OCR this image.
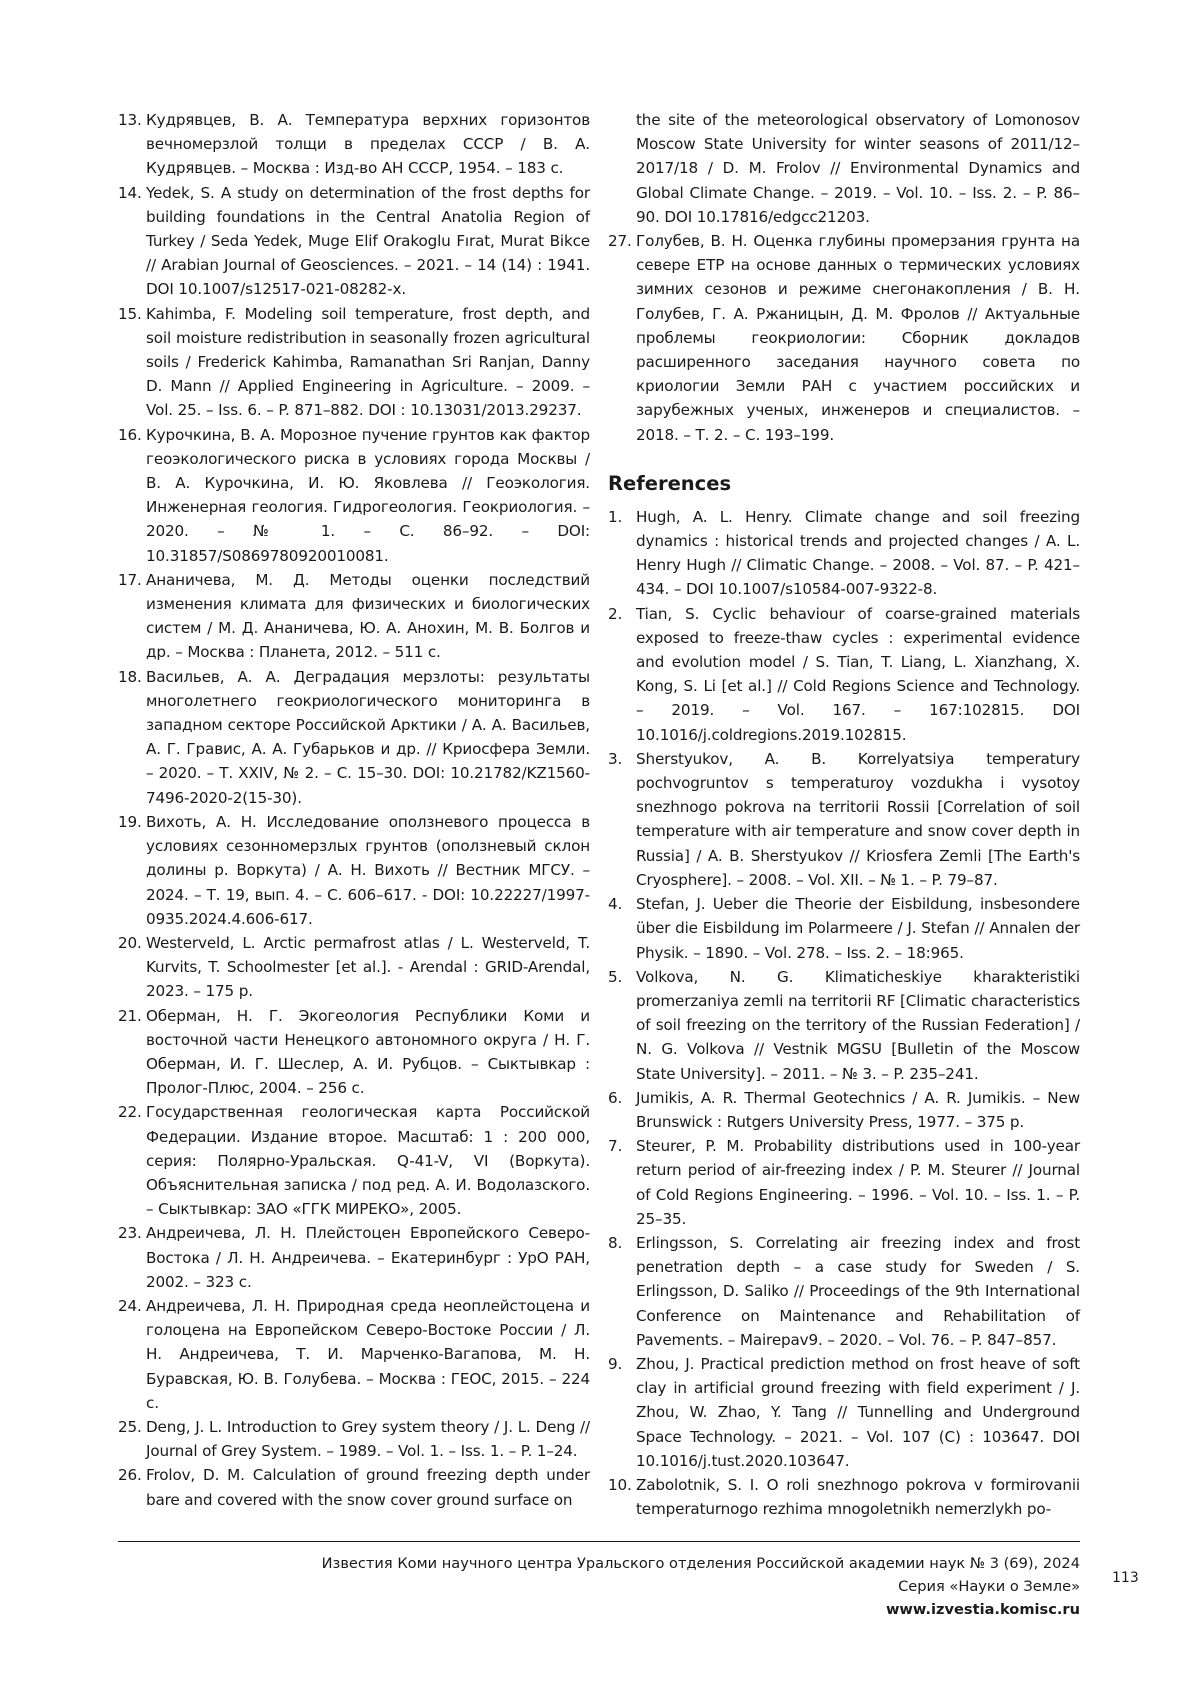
13. Кудрявцев, В. А. Температура верхних горизонтов вечномерзлой толщи в пределах СССР / В. А. Кудрявцев. – Москва : Изд-во АН СССР, 1954. – 183 с.
14. Yedek, S. A study on determination of the frost depths for building foundations in the Central Anatolia Region of Turkey / Seda Yedek, Muge Elif Orakoglu Fırat, Murat Bikce // Arabian Journal of Geosciences. – 2021. – 14 (14) : 1941. DOI 10.1007/s12517-021-08282-x.
15. Kahimba, F. Modeling soil temperature, frost depth, and soil moisture redistribution in seasonally frozen agricultural soils / Frederick Kahimba, Ramanathan Sri Ranjan, Danny D. Mann // Applied Engineering in Agriculture. – 2009. – Vol. 25. – Iss. 6. – P. 871–882. DOI : 10.13031/2013.29237.
16. Курочкина, В. А. Морозное пучение грунтов как фактор геоэкологического риска в условиях города Москвы / В. А. Курочкина, И. Ю. Яковлева // Геоэкология. Инженерная геология. Гидрогеология. Геокриология. – 2020. – № 1. – С. 86–92. – DOI: 10.31857/S0869780920010081.
17. Ананичева, М. Д. Методы оценки последствий изменения климата для физических и биологических систем / М. Д. Ананичева, Ю. А. Анохин, М. В. Болгов и др. – Москва : Планета, 2012. – 511 с.
18. Васильев, А. А. Деградация мерзлоты: результаты многолетнего геокриологического мониторинга в западном секторе Российской Арктики / А. А. Васильев, А. Г. Гравис, А. А. Губарьков и др. // Криосфера Земли. – 2020. – Т. XXIV, № 2. – С. 15–30. DOI: 10.21782/KZ1560-7496-2020-2(15-30).
19. Вихоть, А. Н. Исследование оползневого процесса в условиях сезонномерзлых грунтов (оползневый склон долины р. Воркута) / А. Н. Вихоть // Вестник МГСУ. – 2024. – Т. 19, вып. 4. – С. 606–617. - DOI: 10.22227/1997-0935.2024.4.606-617.
20. Westerveld, L. Arctic permafrost atlas / L. Westerveld, T. Kurvits, T. Schoolmester [et al.]. - Arendal : GRID-Arendal, 2023. – 175 p.
21. Оберман, Н. Г. Экогеология Республики Коми и восточной части Ненецкого автономного округа / Н. Г. Оберман, И. Г. Шеслер, А. И. Рубцов. – Сыктывкар : Пролог-Плюс, 2004. – 256 с.
22. Государственная геологическая карта Российской Федерации. Издание второе. Масштаб: 1 : 200 000, серия: Полярно-Уральская. Q-41-V, VI (Воркута). Объяснительная записка / под ред. А. И. Водолазского. – Сыктывкар: ЗАО «ГГК МИРЕКО», 2005.
23. Андреичева, Л. Н. Плейстоцен Европейского Северо-Востока / Л. Н. Андреичева. – Екатеринбург : УрО РАН, 2002. – 323 с.
24. Андреичева, Л. Н. Природная среда неоплейстоцена и голоцена на Европейском Северо-Востоке России / Л. Н. Андреичева, Т. И. Марченко-Вагапова, М. Н. Буравская, Ю. В. Голубева. – Москва : ГЕОС, 2015. – 224 с.
25. Deng, J. L. Introduction to Grey system theory / J. L. Deng // Journal of Grey System. – 1989. – Vol. 1. – Iss. 1. – P. 1–24.
26. Frolov, D. M. Calculation of ground freezing depth under bare and covered with the snow cover ground surface on

the site of the meteorological observatory of Lomonosov Moscow State University for winter seasons of 2011/12–2017/18 / D. M. Frolov // Environmental Dynamics and Global Climate Change. – 2019. – Vol. 10. – Iss. 2. – P. 86–90. DOI 10.17816/edgcc21203.

27. Голубев, В. Н. Оценка глубины промерзания грунта на севере ЕТР на основе данных о термических условиях зимних сезонов и режиме снегонакопления / В. Н. Голубев, Г. А. Ржаницын, Д. М. Фролов // Актуальные проблемы геокриологии: Сборник докладов расширенного заседания научного совета по криологии Земли РАН с участием российских и зарубежных ученых, инженеров и специалистов. – 2018. – Т. 2. – С. 193–199.
References
1. Hugh, A. L. Henry. Climate change and soil freezing dynamics : historical trends and projected changes / A. L. Henry Hugh // Climatic Change. – 2008. – Vol. 87. – P. 421–434. – DOI 10.1007/s10584-007-9322-8.
2. Tian, S. Cyclic behaviour of coarse-grained materials exposed to freeze-thaw cycles : experimental evidence and evolution model / S. Tian, T. Liang, L. Xianzhang, X. Kong, S. Li [et al.] // Cold Regions Science and Technology. – 2019. – Vol. 167. – 167:102815. DOI 10.1016/j.coldregions.2019.102815.
3. Sherstyukov, A. B. Korrelyatsiya temperatury pochvogruntov s temperaturoy vozdukha i vysotoy snezhnogo pokrova na territorii Rossii [Correlation of soil temperature with air temperature and snow cover depth in Russia] / A. B. Sherstyukov // Kriosfera Zemli [The Earth's Cryosphere]. – 2008. – Vol. XII. – № 1. – P. 79–87.
4. Stefan, J. Ueber die Theorie der Eisbildung, insbesondere über die Eisbildung im Polarmeere / J. Stefan // Annalen der Physik. – 1890. – Vol. 278. – Iss. 2. – 18:965.
5. Volkova, N. G. Klimaticheskiye kharakteristiki promerzaniya zemli na territorii RF [Climatic characteristics of soil freezing on the territory of the Russian Federation] / N. G. Volkova // Vestnik MGSU [Bulletin of the Moscow State University]. – 2011. – № 3. – P. 235–241.
6. Jumikis, A. R. Thermal Geotechnics / A. R. Jumikis. – New Brunswick : Rutgers University Press, 1977. – 375 p.
7. Steurer, P. M. Probability distributions used in 100-year return period of air-freezing index / P. M. Steurer // Journal of Cold Regions Engineering. – 1996. – Vol. 10. – Iss. 1. – P. 25–35.
8. Erlingsson, S. Correlating air freezing index and frost penetration depth – a case study for Sweden / S. Erlingsson, D. Saliko // Proceedings of the 9th International Conference on Maintenance and Rehabilitation of Pavements. – Mairepav9. – 2020. – Vol. 76. – P. 847–857.
9. Zhou, J. Practical prediction method on frost heave of soft clay in artificial ground freezing with field experiment / J. Zhou, W. Zhao, Y. Tang // Tunnelling and Underground Space Technology. – 2021. – Vol. 107 (C) : 103647. DOI 10.1016/j.tust.2020.103647.
10. Zabolotnik, S. I. O roli snezhnogo pokrova v formirovanii temperaturnogo rezhima mnogoletnikh nemerzlykh po-
Известия Коми научного центра Уральского отделения Российской академии наук № 3 (69), 2024
Серия «Науки о Земле»
www.izvestia.komisc.ru
113
